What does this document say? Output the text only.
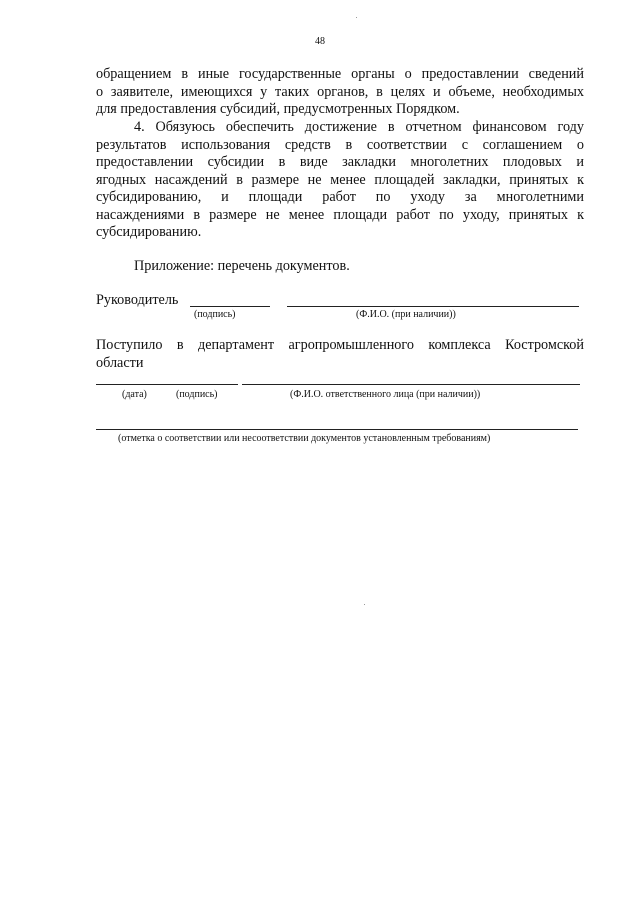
48
обращением в иные государственные органы о предоставлении сведений
о заявителе, имеющихся у таких органов, в целях и объеме, необходимых
для предоставления субсидий, предусмотренных Порядком.
4. Обязуюсь обеспечить достижение в отчетном финансовом году
результатов использования средств в соответствии с соглашением о
предоставлении субсидии в виде закладки многолетних плодовых и
ягодных насаждений в размере не менее площадей закладки, принятых к
субсидированию, и площади работ по уходу за многолетними
насаждениями в размере не менее площади работ по уходу, принятых к
субсидированию.
Приложение: перечень документов.
Руководитель
(подпись)	(Ф.И.О. (при наличии))
Поступило в департамент агропромышленного комплекса Костромской
области
(дата)	(подпись)	(Ф.И.О. ответственного лица (при наличии))
(отметка о соответствии или несоответствии документов установленным требованиям)
